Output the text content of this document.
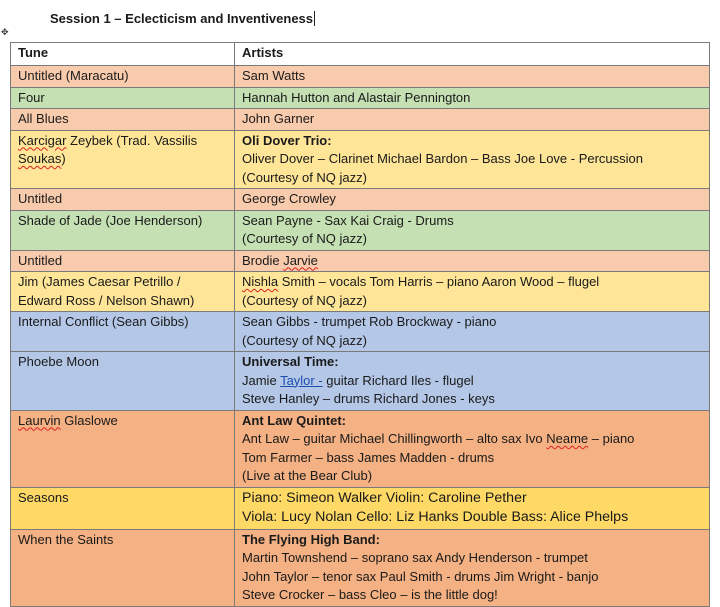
✥
Session 1 – Eclecticism and Inventiveness
Tune	Artists

Untitled (Maracatu)	Sam Watts

Four	Hannah Hutton and Alastair Pennington

All Blues	John Garner

Karcigar Zeybek (Trad. Vassilis
Soukas)	Oli Dover Trio:
Oliver Dover – Clarinet Michael Bardon – Bass Joe Love - Percussion
(Courtesy of NQ jazz)

Untitled	George Crowley

Shade of Jade (Joe Henderson)	Sean Payne - Sax Kai Craig - Drums
(Courtesy of NQ jazz)

Untitled	Brodie Jarvie

Jim (James Caesar Petrillo /
Edward Ross / Nelson Shawn)	Nishla Smith – vocals Tom Harris – piano Aaron Wood – flugel
(Courtesy of NQ jazz)

Internal Conflict (Sean Gibbs)	Sean Gibbs - trumpet Rob Brockway - piano
(Courtesy of NQ jazz)

Phoebe Moon	Universal Time:
Jamie Taylor - guitar Richard Iles - flugel
Steve Hanley – drums Richard Jones - keys

Laurvin Glaslowe	Ant Law Quintet:
Ant Law – guitar Michael Chillingworth – alto sax Ivo Neame – piano
Tom Farmer – bass James Madden - drums
(Live at the Bear Club)

Seasons	Piano: Simeon Walker Violin: Caroline Pether
Viola: Lucy Nolan Cello: Liz Hanks Double Bass: Alice Phelps

When the Saints	The Flying High Band:
Martin Townshend – soprano sax Andy Henderson - trumpet
John Taylor – tenor sax Paul Smith - drums Jim Wright - banjo
Steve Crocker – bass Cleo – is the little dog!
